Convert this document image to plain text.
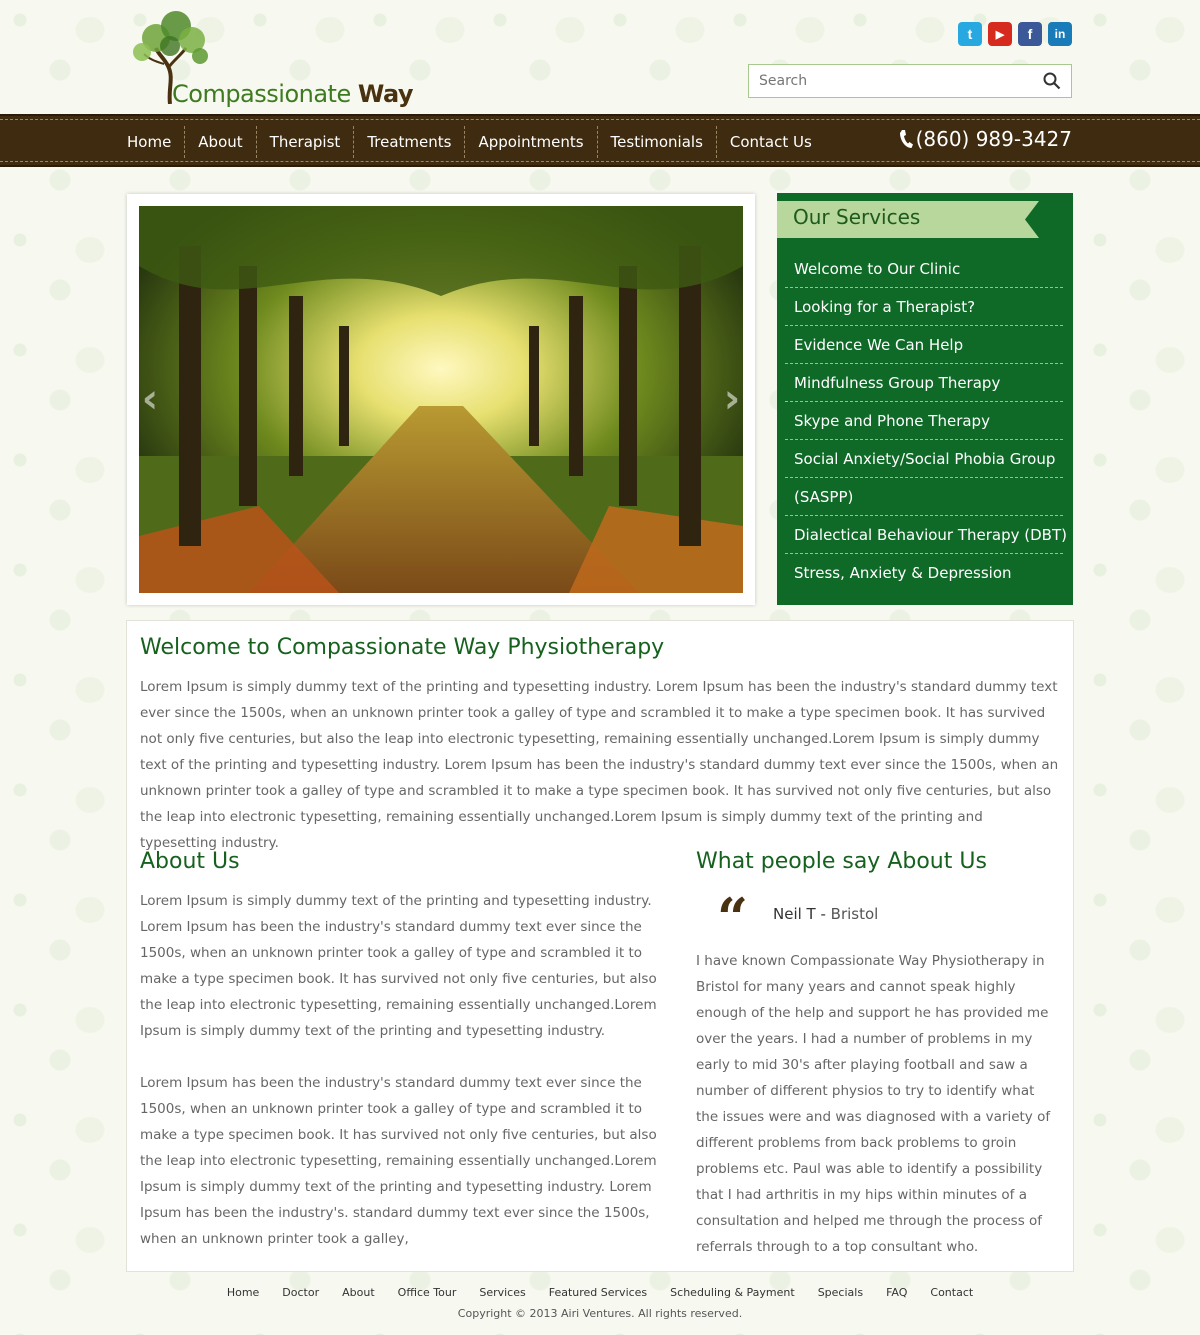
Compassionate Way
t	▶	f	in
Search
Home	About	Therapist	Treatments	Appointments	Testimonials	Contact Us	(860) 989-3427
‹	›
Our Services
Welcome to Our Clinic
Looking for a Therapist?
Evidence We Can Help
Mindfulness Group Therapy
Skype and Phone Therapy
Social Anxiety/Social Phobia Group
(SASPP)
Dialectical Behaviour Therapy (DBT)
Stress, Anxiety & Depression
Welcome to Compassionate Way Physiotherapy

Lorem Ipsum is simply dummy text of the printing and typesetting industry. Lorem Ipsum has been the industry's standard dummy text ever since the 1500s, when an unknown printer took a galley of type and scrambled it to make a type specimen book. It has survived not only five centuries, but also the leap into electronic typesetting, remaining essentially unchanged.Lorem Ipsum is simply dummy text of the printing and typesetting industry. Lorem Ipsum has been the industry's standard dummy text ever since the 1500s, when an unknown printer took a galley of type and scrambled it to make a type specimen book. It has survived not only five centuries, but also the leap into electronic typesetting, remaining essentially unchanged.Lorem Ipsum is simply dummy text of the printing and typesetting industry.

About Us

Lorem Ipsum is simply dummy text of the printing and typesetting industry. Lorem Ipsum has been the industry's standard dummy text ever since the 1500s, when an unknown printer took a galley of type and scrambled it to make a type specimen book. It has survived not only five centuries, but also the leap into electronic typesetting, remaining essentially unchanged.Lorem Ipsum is simply dummy text of the printing and typesetting industry.

Lorem Ipsum has been the industry's standard dummy text ever since the 1500s, when an unknown printer took a galley of type and scrambled it to make a type specimen book. It has survived not only five centuries, but also the leap into electronic typesetting, remaining essentially unchanged.Lorem Ipsum is simply dummy text of the printing and typesetting industry. Lorem Ipsum has been the industry's. standard dummy text ever since the 1500s, when an unknown printer took a galley,

What people say About Us
“ Neil T - Bristol

I have known Compassionate Way Physiotherapy in Bristol for many years and cannot speak highly enough of the help and support he has provided me over the years. I had a number of problems in my early to mid 30's after playing football and saw a number of different physios to try to identify what the issues were and was diagnosed with a variety of different problems from back problems to groin problems etc. Paul was able to identify a possibility that I had arthritis in my hips within minutes of a consultation and helped me through the process of referrals through to a top consultant who.

Home Doctor About Office Tour Services Featured Services Scheduling & Payment Specials FAQ Contact
Copyright © 2013 Airi Ventures. All rights reserved.
